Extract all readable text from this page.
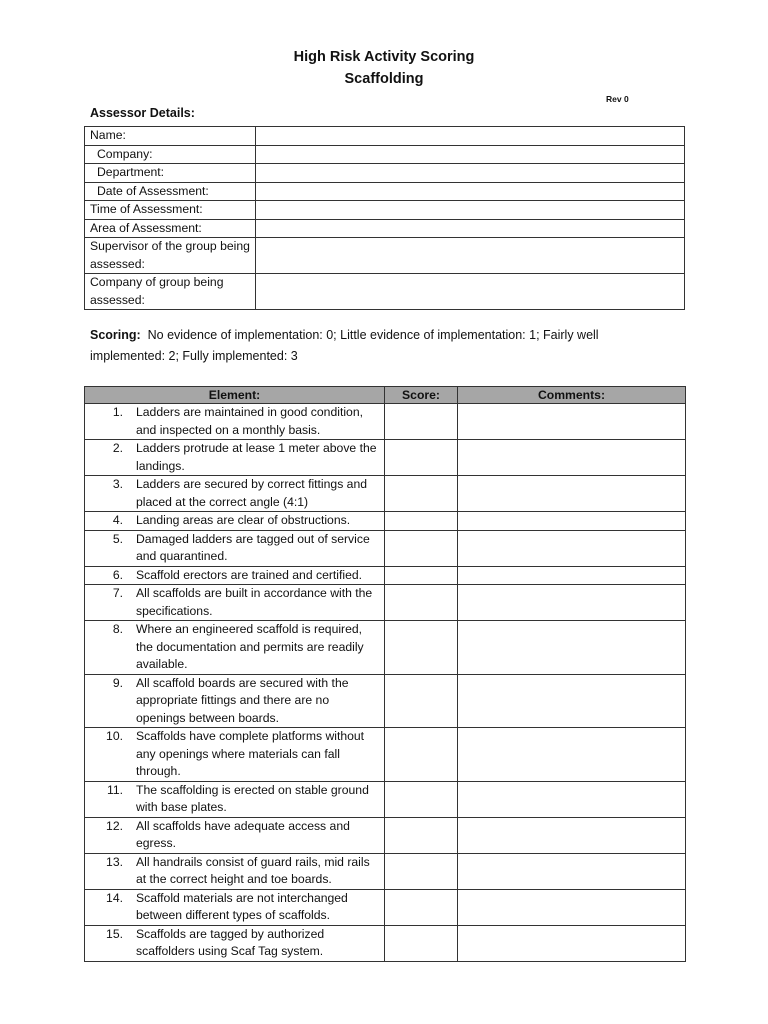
High Risk Activity Scoring
Scaffolding
Rev 0
Assessor Details:
Name:	
Company:	
Department:	
Date of Assessment:	
Time of Assessment:	
Area of Assessment:	
Supervisor of the group being assessed:	
Company of group being assessed:	
Scoring: No evidence of implementation: 0; Little evidence of implementation: 1; Fairly well implemented: 2; Fully implemented: 3
Element:	Score:	Comments:

1. Ladders are maintained in good condition, and inspected on a monthly basis.		

2. Ladders protrude at lease 1 meter above the landings.		

3. Ladders are secured by correct fittings and placed at the correct angle (4:1)		

4. Landing areas are clear of obstructions.		

5. Damaged ladders are tagged out of service and quarantined.		

6. Scaffold erectors are trained and certified.		

7. All scaffolds are built in accordance with the specifications.		

8. Where an engineered scaffold is required, the documentation and permits are readily available.		

9. All scaffold boards are secured with the appropriate fittings and there are no openings between boards.		

10. Scaffolds have complete platforms without any openings where materials can fall through.		

11. The scaffolding is erected on stable ground with base plates.		

12. All scaffolds have adequate access and egress.		

13. All handrails consist of guard rails, mid rails at the correct height and toe boards.		

14. Scaffold materials are not interchanged between different types of scaffolds.		

15. Scaffolds are tagged by authorized scaffolders using Scaf Tag system.		
